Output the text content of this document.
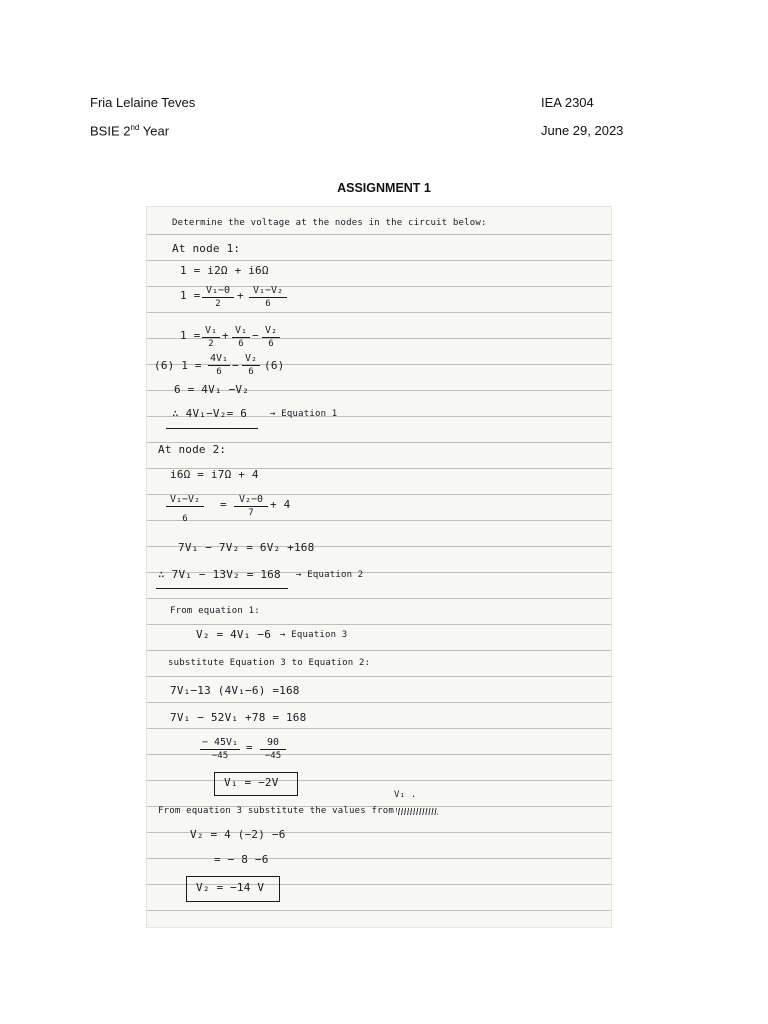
Fria Lelaine Teves	IEA 2304
BSIE 2nd Year	June 29, 2023
ASSIGNMENT 1
Determine the voltage at the nodes in the circuit below:
At node 1:
1 = i2Ω + i6Ω
$1 = \frac{\text{V₁−0}}{2} + \frac{\text{V₁−V₂}}{6}$
$1 = \frac{\text{V₁}}{2} + \frac{\text{V₁}}{6} - \frac{\text{V₂}}{6}$
(6) $1 = \frac{\text{4V₁}}{6} - \frac{\text{V₂}}{6} (6)$
6 = 4V₁ −V₂
∴ 4V₁−V₂= 6	→ Equation 1
At node 2:
i6Ω = i7Ω + 4
$\frac{\text{V₁−V₂}}{6} = \frac{\text{V₂−0}}{7} + 4$
7V₁ − 7V₂ = 6V₂ +168
∴ 7V₁ − 13V₂ = 168 → Equation 2
From equation 1:
V₂ = 4V₁ −6 → Equation 3
substitute Equation 3 to Equation 2:
7V₁−13 (4V₁−6) =168
7V₁ − 52V₁ +78 = 168
$\frac{\text{− 45V₁}}{-45} = \frac{90}{-45}$
V₁ = −2V
V₁ .
From equation 3 substitute the values from
V₂ = 4 (−2) −6
= − 8 −6
V₂ = −14 V
